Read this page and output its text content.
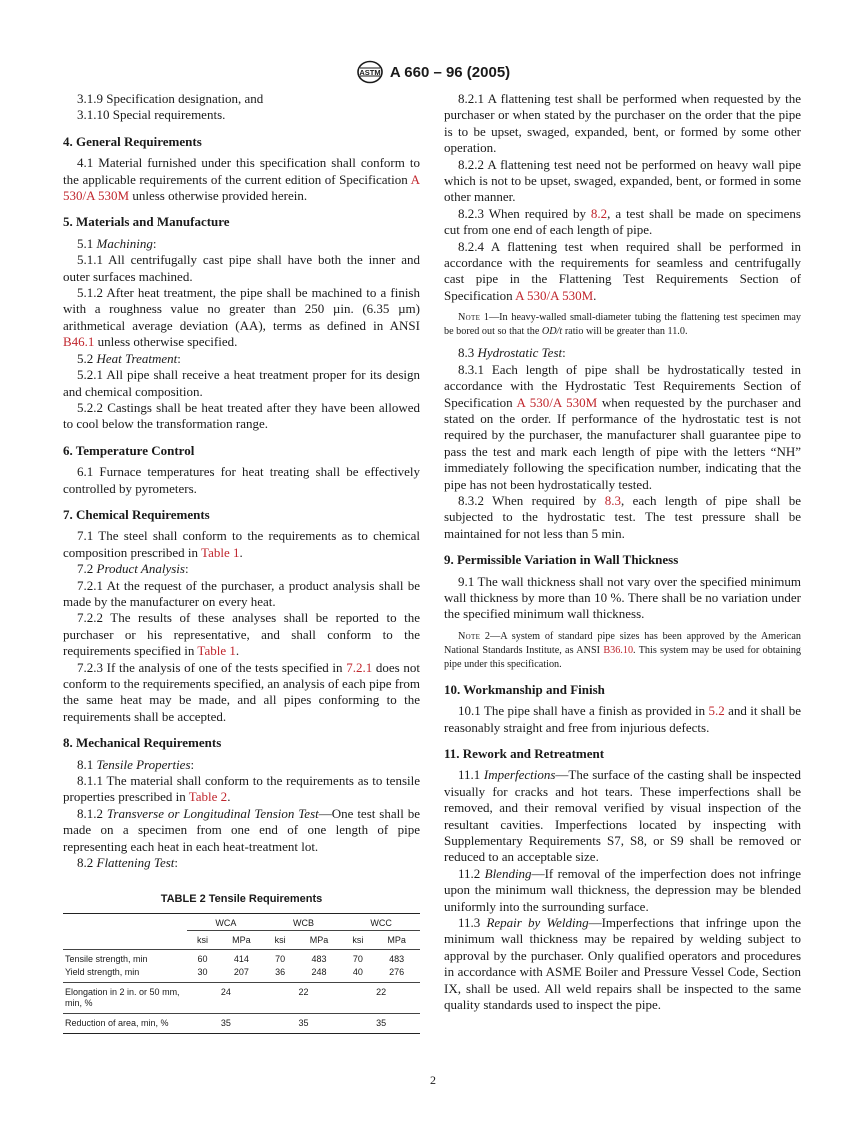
ASTM A 660 – 96 (2005)

3.1.9 Specification designation, and

3.1.10 Special requirements.

4. General Requirements

4.1 Material furnished under this specification shall conform to the applicable requirements of the current edition of Specification A 530/A 530M unless otherwise provided herein.

5. Materials and Manufacture

5.1 Machining:

5.1.1 All centrifugally cast pipe shall have both the inner and outer surfaces machined.

5.1.2 After heat treatment, the pipe shall be machined to a finish with a roughness value no greater than 250 µin. (6.35 µm) arithmetical average deviation (AA), terms as defined in ANSI B46.1 unless otherwise specified.

5.2 Heat Treatment:

5.2.1 All pipe shall receive a heat treatment proper for its design and chemical composition.

5.2.2 Castings shall be heat treated after they have been allowed to cool below the transformation range.

6. Temperature Control

6.1 Furnace temperatures for heat treating shall be effectively controlled by pyrometers.

7. Chemical Requirements

7.1 The steel shall conform to the requirements as to chemical composition prescribed in Table 1.

7.2 Product Analysis:

7.2.1 At the request of the purchaser, a product analysis shall be made by the manufacturer on every heat.

7.2.2 The results of these analyses shall be reported to the purchaser or his representative, and shall conform to the requirements specified in Table 1.

7.2.3 If the analysis of one of the tests specified in 7.2.1 does not conform to the requirements specified, an analysis of each pipe from the same heat may be made, and all pipes conforming to the requirements shall be accepted.

8. Mechanical Requirements

8.1 Tensile Properties:

8.1.1 The material shall conform to the requirements as to tensile properties prescribed in Table 2.

8.1.2 Transverse or Longitudinal Tension Test—One test shall be made on a specimen from one end of one length of pipe representing each heat in each heat-treatment lot.

8.2 Flattening Test:

TABLE 2 Tensile Requirements
	WCA		WCB		WCC	
	ksi	MPa	ksi	MPa	ksi	MPa
Tensile strength, min	60	414	70	483	70	483
Yield strength, min	30	207	36	248	40	276
Elongation in 2 in. or 50 mm, min, %	24		22		22	
Reduction of area, min, %	35		35		35	

8.2.1 A flattening test shall be performed when requested by the purchaser or when stated by the purchaser on the order that the pipe is to be upset, swaged, expanded, bent, or formed by some other operation.

8.2.2 A flattening test need not be performed on heavy wall pipe which is not to be upset, swaged, expanded, bent, or formed in some other manner.

8.2.3 When required by 8.2, a test shall be made on specimens cut from one end of each length of pipe.

8.2.4 A flattening test when required shall be performed in accordance with the requirements for seamless and centrifugally cast pipe in the Flattening Test Requirements Section of Specification A 530/A 530M.

Note 1—In heavy-walled small-diameter tubing the flattening test specimen may be bored out so that the OD/t ratio will be greater than 11.0.

8.3 Hydrostatic Test:

8.3.1 Each length of pipe shall be hydrostatically tested in accordance with the Hydrostatic Test Requirements Section of Specification A 530/A 530M when requested by the purchaser and stated on the order. If performance of the hydrostatic test is not required by the purchaser, the manufacturer shall guarantee pipe to pass the test and mark each length of pipe with the letters “NH” immediately following the specification number, indicating that the pipe has not been hydrostatically tested.

8.3.2 When required by 8.3, each length of pipe shall be subjected to the hydrostatic test. The test pressure shall be maintained for not less than 5 min.

9. Permissible Variation in Wall Thickness

9.1 The wall thickness shall not vary over the specified minimum wall thickness by more than 10 %. There shall be no variation under the specified minimum wall thickness.

Note 2—A system of standard pipe sizes has been approved by the American National Standards Institute, as ANSI B36.10. This system may be used for obtaining pipe under this specification.

10. Workmanship and Finish

10.1 The pipe shall have a finish as provided in 5.2 and it shall be reasonably straight and free from injurious defects.

11. Rework and Retreatment

11.1 Imperfections—The surface of the casting shall be inspected visually for cracks and hot tears. These imperfections shall be removed, and their removal verified by visual inspection of the resultant cavities. Imperfections located by inspecting with Supplementary Requirements S7, S8, or S9 shall be removed or reduced to an acceptable size.

11.2 Blending—If removal of the imperfection does not infringe upon the minimum wall thickness, the depression may be blended uniformly into the surrounding surface.

11.3 Repair by Welding—Imperfections that infringe upon the minimum wall thickness may be repaired by welding subject to approval by the purchaser. Only qualified operators and procedures in accordance with ASME Boiler and Pressure Vessel Code, Section IX, shall be used. All weld repairs shall be inspected to the same quality standards used to inspect the pipe.

2
